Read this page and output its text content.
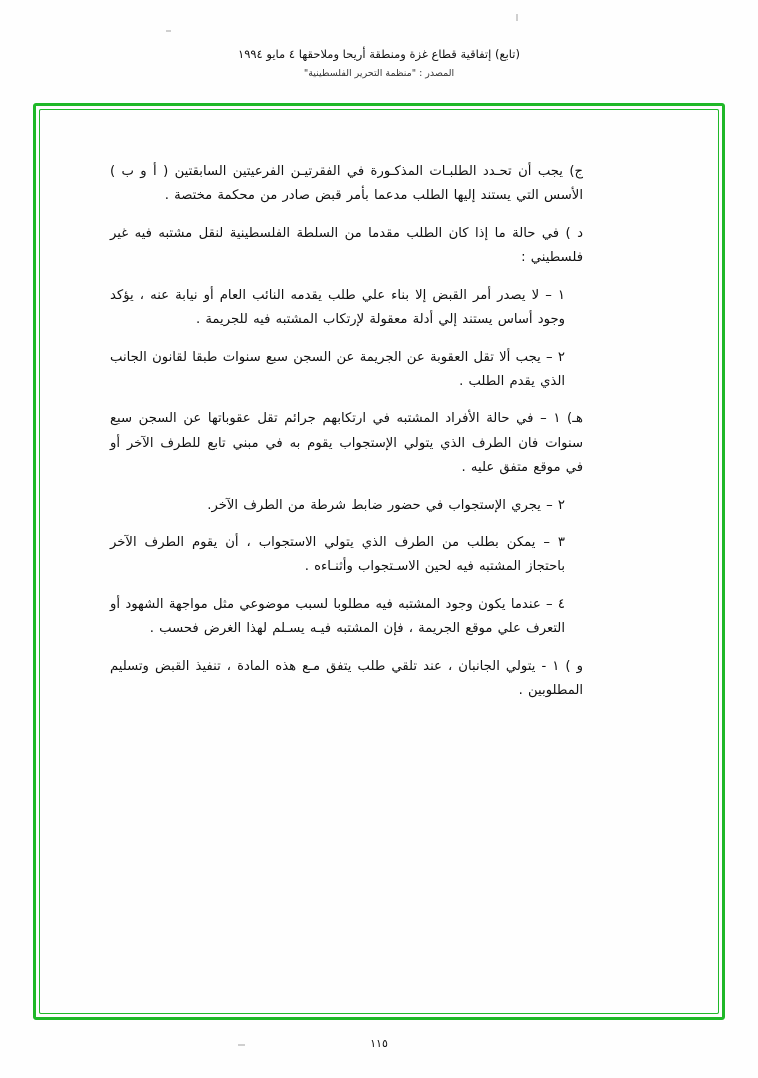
(تابع) إتفاقية قطاع غزة ومنطقة أريحا وملاحقها ٤ مايو ١٩٩٤
المصدر : "منظمة التحرير الفلسطينية"
ج) يجب أن تحـدد الطلبـات المذكـورة في الفقرتيـن الفرعيتين السابقتين ( أ و ب ) الأسس التي يستند إليها الطلب مدعما بأمر قبض صادر من محكمة مختصة .
د ) في حالة ما إذا كان الطلب مقدما من السلطة الفلسطينية لنقل مشتبه فيه غير فلسطيني :
١ – لا يصدر أمر القبض إلا بناء علي طلب يقدمه النائب العام أو نيابة عنه ، يؤكد وجود أساس يستند إلي أدلة معقولة لإرتكاب المشتبه فيه للجريمة .
٢ – يجب ألا تقل العقوبة عن الجريمة عن السجن سبع سنوات طبقا لقانون الجانب الذي يقدم الطلب .
هـ) ١ – في حالة الأفراد المشتبه في ارتكابهم جرائم تقل عقوباتها عن السجن سبع سنوات فان الطرف الذي يتولي الإستجواب يقوم به في مبني تابع للطرف الآخر أو في موقع متفق عليه .
٢ – يجري الإستجواب في حضور ضابط شرطة من الطرف الآخر.
٣ – يمكن بطلب من الطرف الذي يتولي الاستجواب ، أن يقوم الطرف الآخر باحتجاز المشتبه فيه لحين الاسـتجواب وأثنـاءه .
٤ – عندما يكون وجود المشتبه فيه مطلوبا لسبب موضوعي مثل مواجهة الشهود أو التعرف علي موقع الجريمة ، فإن المشتبه فيـه يسـلم لهذا الغرض فحسب .
و ) ١ - يتولي الجانبان ، عند تلقي طلب يتفق مـع هذه المادة ، تنفيذ القبض وتسليم المطلوبين .
١١٥
